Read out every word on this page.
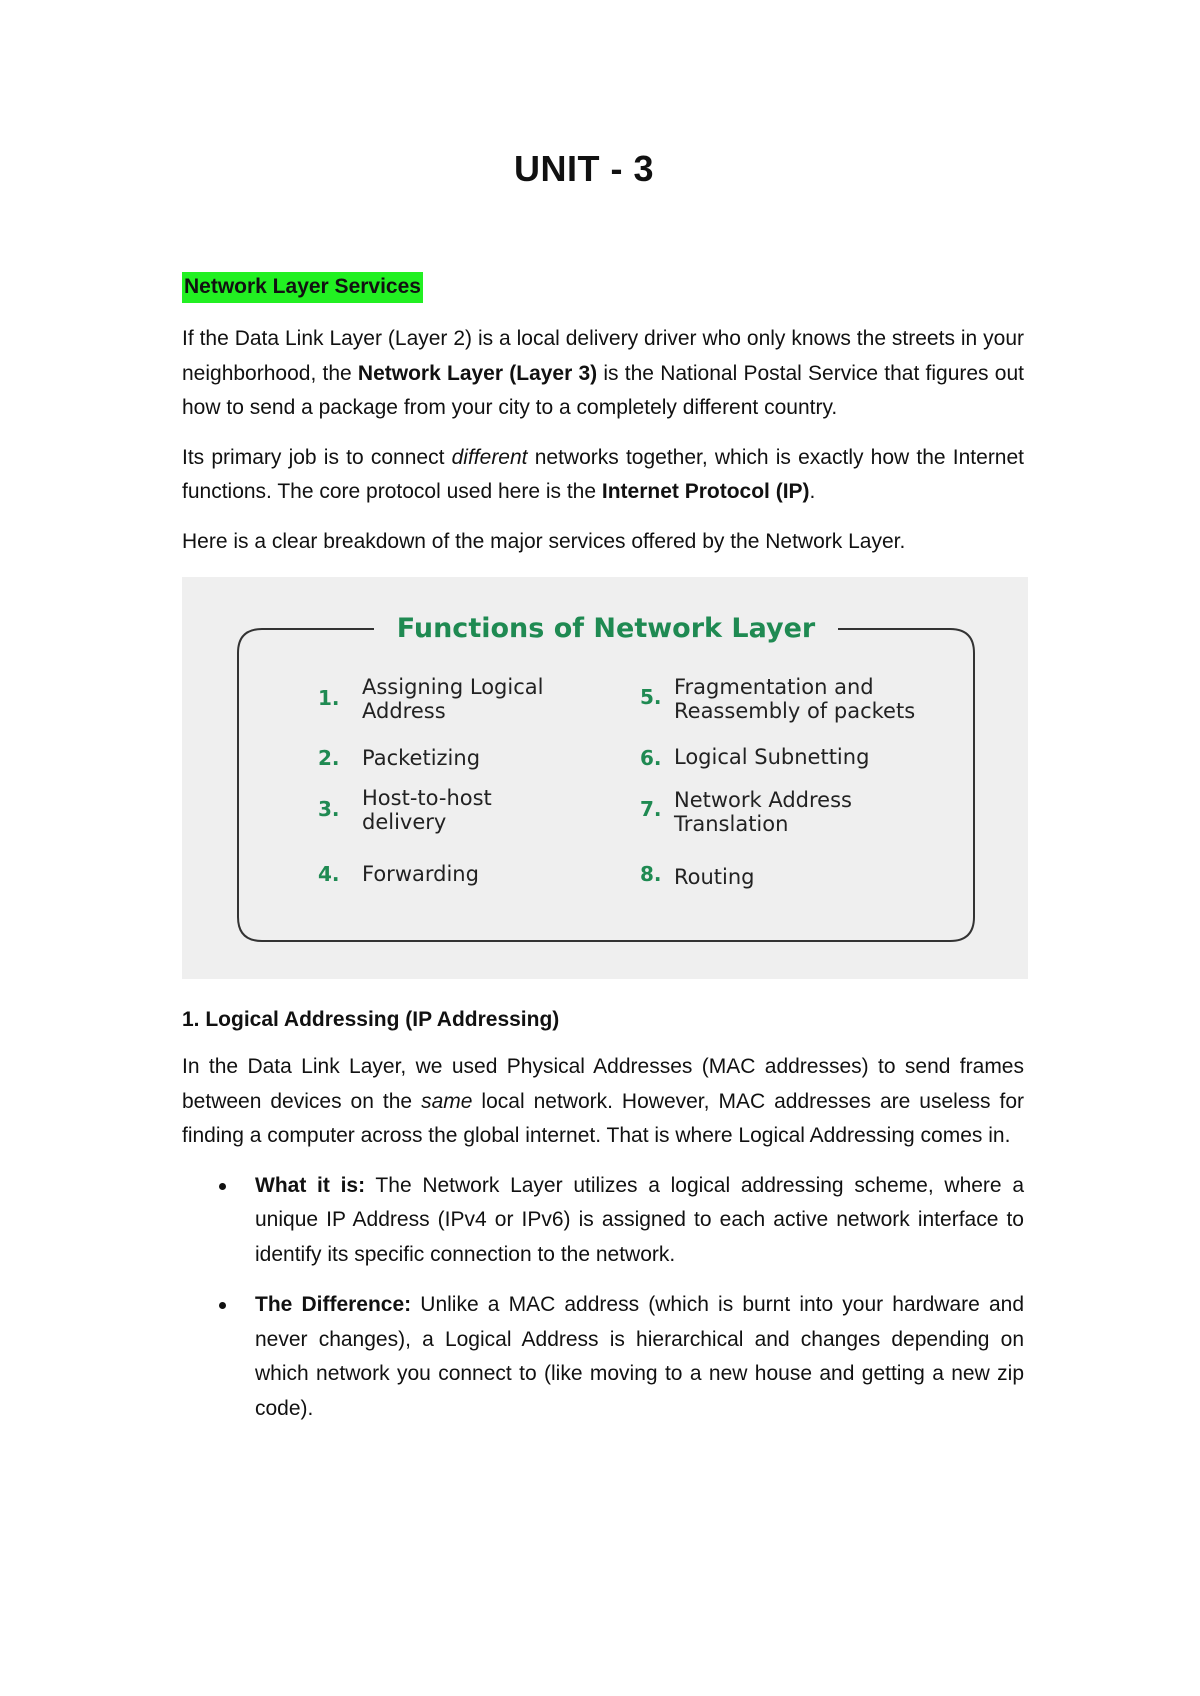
UNIT - 3
Network Layer Services

If the Data Link Layer (Layer 2) is a local delivery driver who only knows the streets in your neighborhood, the Network Layer (Layer 3) is the National Postal Service that figures out how to send a package from your city to a completely different country.

Its primary job is to connect different networks together, which is exactly how the Internet functions. The core protocol used here is the Internet Protocol (IP).

Here is a clear breakdown of the major services offered by the Network Layer.

Functions of Network Layer
1. Assigning Logical
Address
2. Packetizing
3. Host-to-host
delivery
4. Forwarding
5. Fragmentation and
Reassembly of packets
6. Logical Subnetting
7. Network Address
Translation
8. Routing
1. Logical Addressing (IP Addressing)

In the Data Link Layer, we used Physical Addresses (MAC addresses) to send frames between devices on the same local network. However, MAC addresses are useless for finding a computer across the global internet. That is where Logical Addressing comes in.

What it is: The Network Layer utilizes a logical addressing scheme, where a unique IP Address (IPv4 or IPv6) is assigned to each active network interface to identify its specific connection to the network.
The Difference: Unlike a MAC address (which is burnt into your hardware and never changes), a Logical Address is hierarchical and changes depending on which network you connect to (like moving to a new house and getting a new zip code).
